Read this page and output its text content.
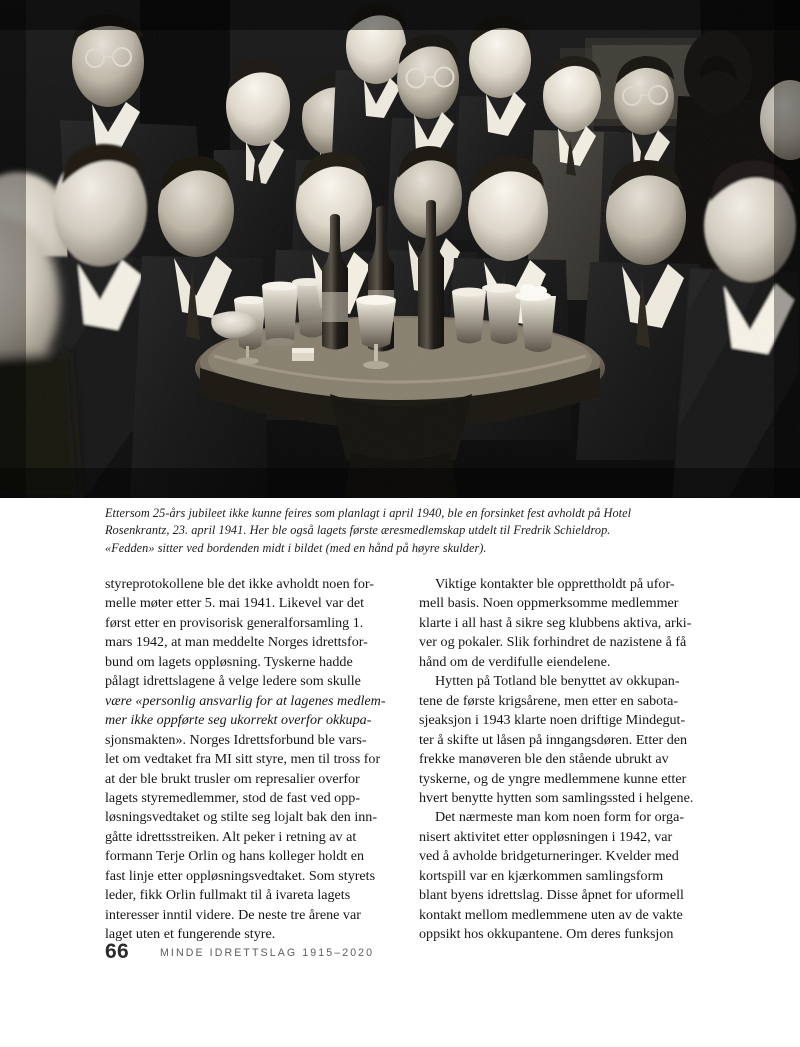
Ettersom 25-års jubileet ikke kunne feires som planlagt i april 1940, ble en forsinket fest avholdt på Hotel
Rosenkrantz, 23. april 1941. Her ble også lagets første æresmedlemskap utdelt til Fredrik Schieldrop.
«Fedden» sitter ved bordenden midt i bildet (med en hånd på høyre skulder).

styreprotokollene ble det ikke avholdt noen for-
melle møter etter 5. mai 1941. Likevel var det
først etter en provisorisk generalforsamling 1.
mars 1942, at man meddelte Norges idrettsfor-
bund om lagets oppløsning. Tyskerne hadde
pålagt idrettslagene å velge ledere som skulle
være «personlig ansvarlig for at lagenes medlem-
mer ikke oppførte seg ukorrekt overfor okkupa-
sjonsmakten». Norges Idrettsforbund ble vars-
let om vedtaket fra MI sitt styre, men til tross for
at der ble brukt trusler om represalier overfor
lagets styremedlemmer, stod de fast ved opp-
løsningsvedtaket og stilte seg lojalt bak den inn-
gåtte idrettsstreiken. Alt peker i retning av at
formann Terje Orlin og hans kolleger holdt en
fast linje etter oppløsningsvedtaket. Som styrets
leder, fikk Orlin fullmakt til å ivareta lagets
interesser inntil videre. De neste tre årene var
laget uten et fungerende styre.

Viktige kontakter ble opprettholdt på ufor-
mell basis. Noen oppmerksomme medlemmer
klarte i all hast å sikre seg klubbens aktiva, arki-
ver og pokaler. Slik forhindret de nazistene å få
hånd om de verdifulle eiendelene.

Hytten på Totland ble benyttet av okkupan-
tene de første krigsårene, men etter en sabota-
sjeaksjon i 1943 klarte noen driftige Mindegut-
ter å skifte ut låsen på inngangsdøren. Etter den
frekke manøveren ble den stående ubrukt av
tyskerne, og de yngre medlemmene kunne etter
hvert benytte hytten som samlingssted i helgene.

Det nærmeste man kom noen form for orga-
nisert aktivitet etter oppløsningen i 1942, var
ved å avholde bridgeturneringer. Kvelder med
kortspill var en kjærkommen samlingsform
blant byens idrettslag. Disse åpnet for uformell
kontakt mellom medlemmene uten av de vakte
oppsikt hos okkupantene. Om deres funksjon

66	MINDE IDRETTSLAG 1915–2020
